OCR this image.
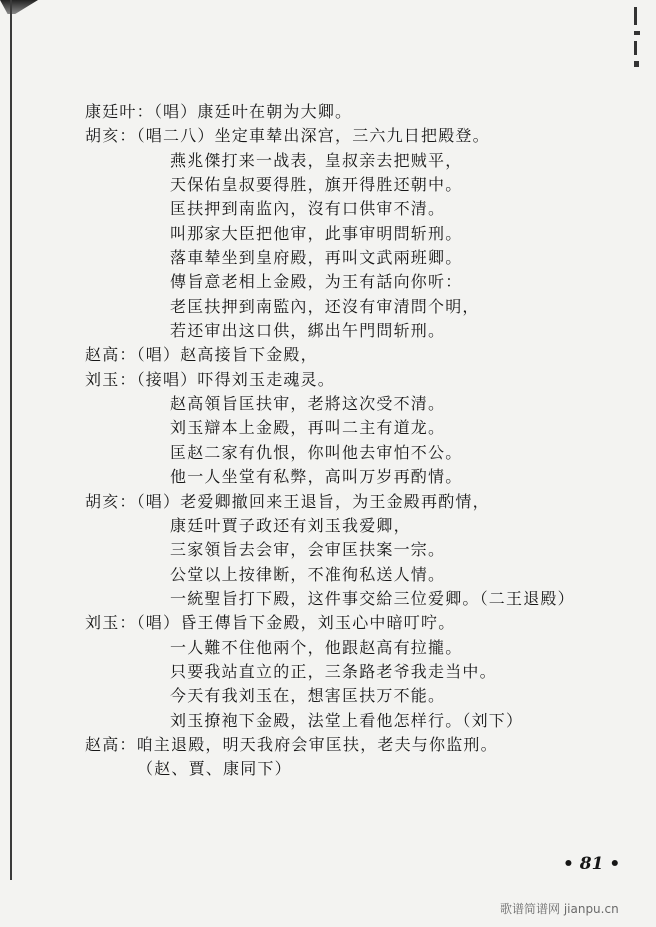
康廷叶：（唱）康廷叶在朝为大卿。
胡亥：（唱二八）坐定車辇出深宫，三六九日把殿登。
燕兆傑打来一战表，皇叔亲去把贼平，
天保佑皇叔要得胜，旗开得胜还朝中。
匡扶押到南监內，沒有口供审不清。
叫那家大臣把他审，此事审明問斩刑。
落車辇坐到皇府殿，再叫文武兩班卿。
傳旨意老相上金殿，为王有話向你听：
老匡扶押到南監內，还沒有审清問个明，
若还审出这口供，綁出午門問斩刑。
赵高：（唱）赵高接旨下金殿，
刘玉：（接唱）吓得刘玉走魂灵。
赵高領旨匡扶审，老將这次受不清。
刘玉辯本上金殿，再叫二主有道龙。
匡赵二家有仇恨，你叫他去审怕不公。
他一人坐堂有私弊，高叫万岁再酌情。
胡亥：（唱）老爱卿撤回来王退旨，为王金殿再酌情，
康廷叶賈子政还有刘玉我爱卿，
三家領旨去会审，会审匡扶案一宗。
公堂以上按律断，不准徇私送人情。
一統聖旨打下殿，这件事交給三位爱卿。（二王退殿）
刘玉：（唱）昏王傳旨下金殿，刘玉心中暗叮咛。
一人難不住他兩个，他跟赵高有拉攏。
只要我站直立的正，三条路老爷我走当中。
今天有我刘玉在，想害匡扶万不能。
刘玉撩袍下金殿，法堂上看他怎样行。（刘下）
赵高：咱主退殿，明天我府会审匡扶，老夫与你监刑。
（赵、賈、康同下）
• 81 •
歌谱简谱网 jianpu.cn
